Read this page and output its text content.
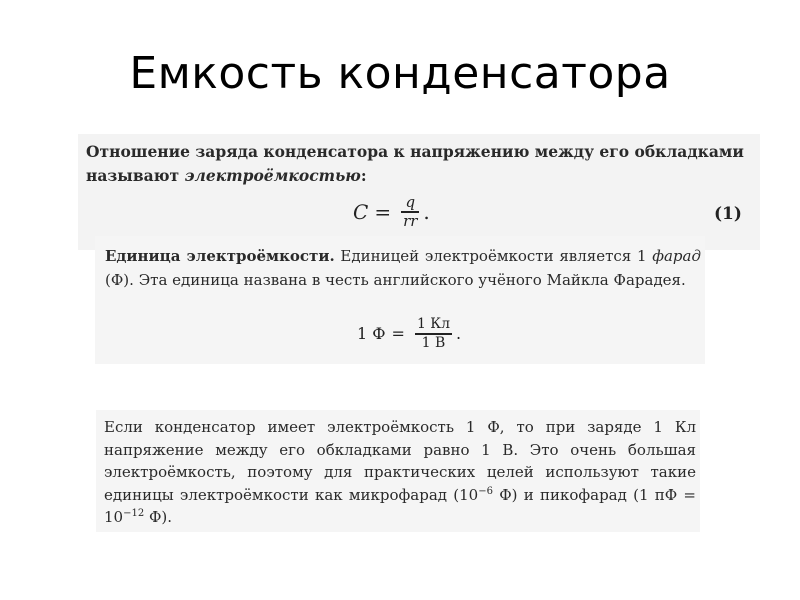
Емкость конденсатора
Отношение заряда конденсатора к напряжению между его обкладками называют электроёмкостью:
$C = \frac{q}{rr}$ .	(1)
Единица электроёмкости. Единицей электроёмкости является 1 фарад (Ф). Эта единица названа в честь английского учёного Майкла Фарадея.
1 $Ф = \frac{1 Кл}{1 В}$ .
Если конденсатор имеет электроёмкость 1 Ф, то при заряде 1 Кл напряжение между его обкладками равно 1 В. Это очень большая электроёмкость, поэтому для практических целей используют такие единицы электроёмкости как микрофарад ($10^{-6}$ Ф) и пикофарад (1 пФ = $10^{-12}$ Ф).
